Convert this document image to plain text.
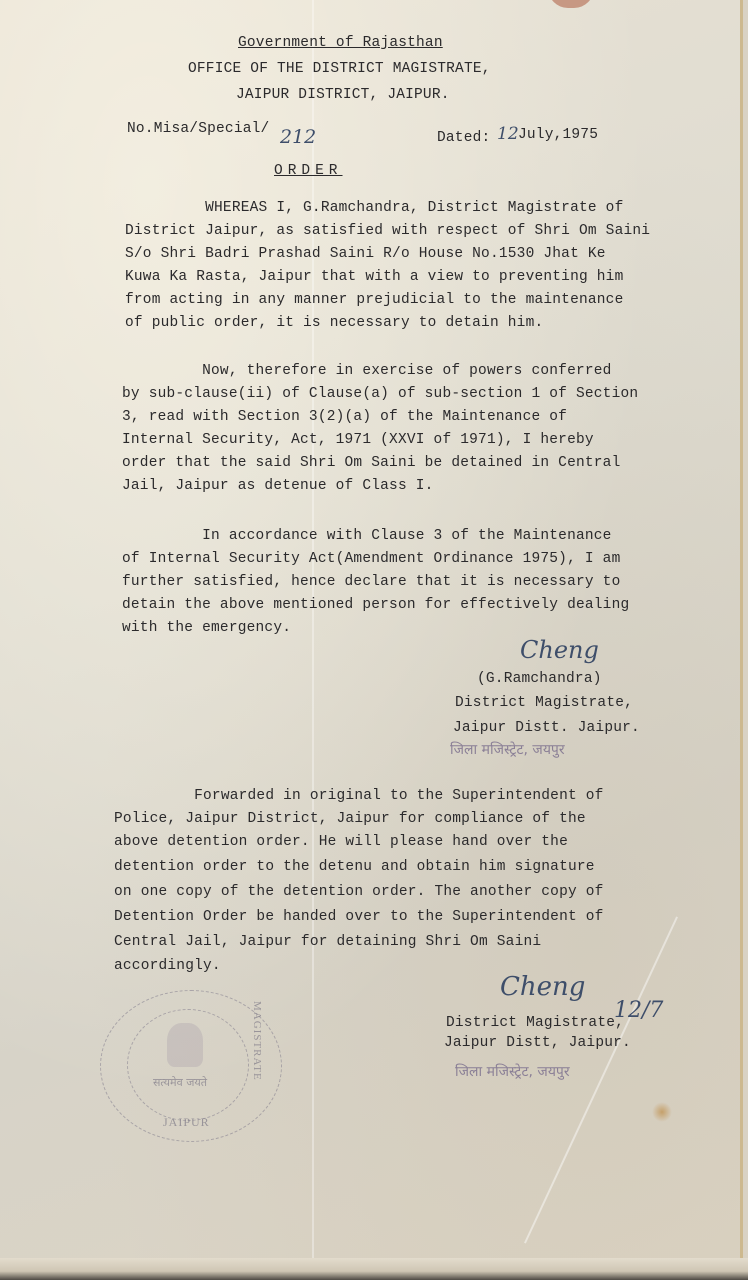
Government of Rajasthan
OFFICE OF THE DISTRICT MAGISTRATE,
JAIPUR DISTRICT, JAIPUR.
No.Misa/Special/ 212	Dated: 12 July,1975
ORDER
WHEREAS I, G.Ramchandra, District Magistrate of
District Jaipur, as satisfied with respect of Shri Om Saini
S/o Shri Badri Prashad Saini R/o House No.1530 Jhat Ke
Kuwa Ka Rasta, Jaipur that with a view to preventing him
from acting in any manner prejudicial to the maintenance
of public order, it is necessary to detain him.
Now, therefore in exercise of powers conferred
by sub-clause(ii) of Clause(a) of sub-section 1 of Section
3, read with Section 3(2)(a) of the Maintenance of
Internal Security, Act, 1971 (XXVI of 1971), I hereby
order that the said Shri Om Saini be detained in Central
Jail, Jaipur as detenue of Class I.
In accordance with Clause 3 of the Maintenance
of Internal Security Act(Amendment Ordinance 1975), I am
further satisfied, hence declare that it is necessary to
detain the above mentioned person for effectively dealing
with the emergency.
Cheng
(G.Ramchandra)
District Magistrate,
Jaipur Distt. Jaipur.
जिला मजिस्ट्रेट, जयपुर
Forwarded in original to the Superintendent of
Police, Jaipur District, Jaipur for compliance of the
above detention order. He will please hand over the
detention order to the detenu and obtain him signature
on one copy of the detention order. The another copy of
Detention Order be handed over to the Superintendent of
Central Jail, Jaipur for detaining Shri Om Saini
accordingly.
Cheng
12/7
District Magistrate,
Jaipur Distt, Jaipur.
जिला मजिस्ट्रेट, जयपुर
सत्यमेव जयते
MAGISTRATE
JAIPUR
